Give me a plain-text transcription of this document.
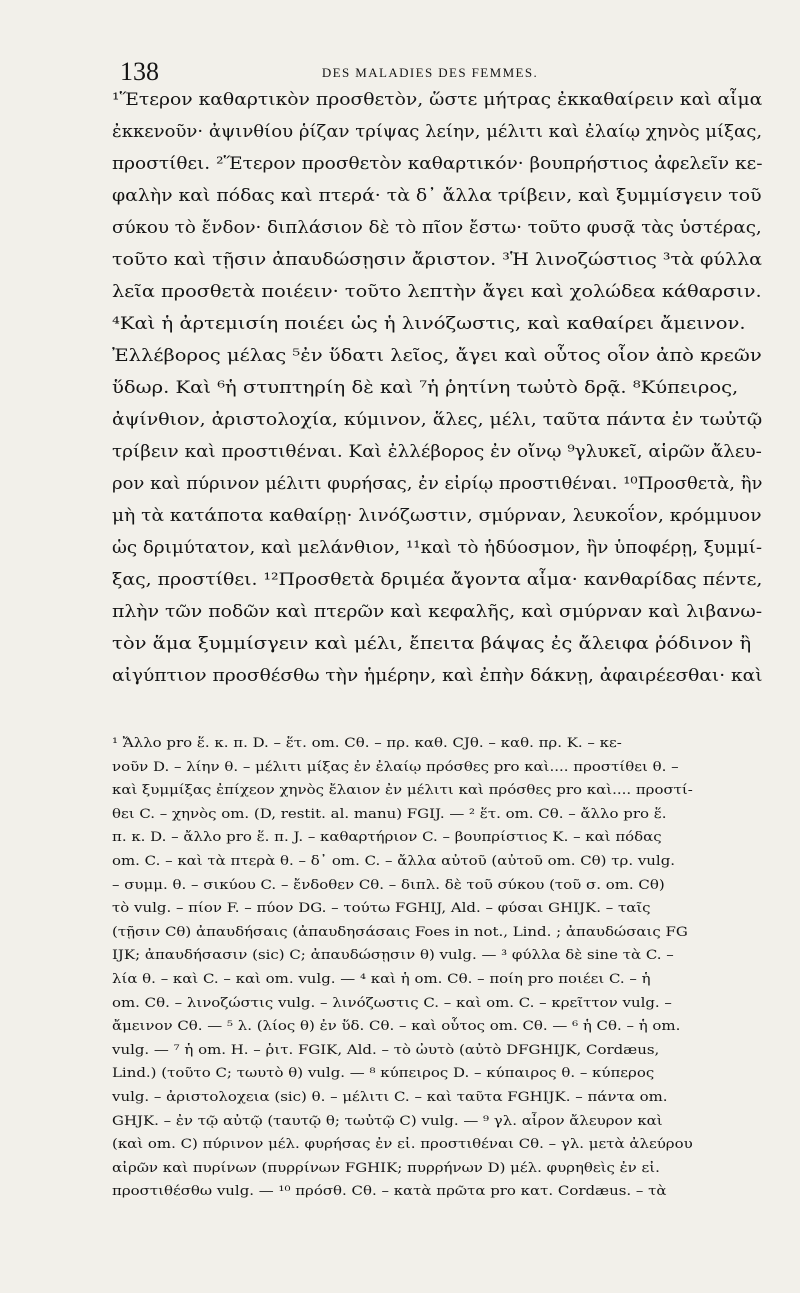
138	DES MALADIES DES FEMMES.
¹Ἕτερον καθαρτικὸν προσθετὸν, ὥστε μήτρας ἐκκαθαίρειν καὶ αἷμα
ἐκκενοῦν· ἀψινθίου ῥίζαν τρίψας λείην, μέλιτι καὶ ἐλαίῳ χηνὸς μίξας,
προστίθει. ²Ἕτερον προσθετὸν καθαρτικόν· βουπρήστιος ἀφελεῖν κε-
φαλὴν καὶ πόδας καὶ πτερά· τὰ δ᾽ ἄλλα τρίβειν, καὶ ξυμμίσγειν τοῦ
σύκου τὸ ἔνδον· διπλάσιον δὲ τὸ πῖον ἔστω· τοῦτο φυσᾷ τὰς ὑστέρας,
τοῦτο καὶ τῇσιν ἀπαυδώσῃσιν ἄριστον. ³Ἡ λινοζώστιος ³τὰ φύλλα
λεῖα προσθετὰ ποιέειν· τοῦτο λεπτὴν ἄγει καὶ χολώδεα κάθαρσιν.
⁴Καὶ ἡ ἀρτεμισίη ποιέει ὡς ἡ λινόζωστις, καὶ καθαίρει ἄμεινον.
Ἐλλέβορος μέλας ⁵ἐν ὕδατι λεῖος, ἄγει καὶ οὗτος οἷον ἀπὸ κρεῶν
ὕδωρ. Καὶ ⁶ἡ στυπτηρίη δὲ καὶ ⁷ἡ ῥητίνη τωὐτὸ δρᾷ. ⁸Κύπειρος,
ἀψίνθιον, ἀριστολοχία, κύμινον, ἅλες, μέλι, ταῦτα πάντα ἐν τωὐτῷ
τρίβειν καὶ προστιθέναι. Καὶ ἐλλέβορος ἐν οἴνῳ ⁹γλυκεῖ, αἱρῶν ἄλευ-
ρον καὶ πύρινον μέλιτι φυρήσας, ἐν εἰρίῳ προστιθέναι. ¹⁰Προσθετὰ, ἢν
μὴ τὰ κατάποτα καθαίρῃ· λινόζωστιν, σμύρναν, λευκοΐον, κρόμμυον
ὡς δριμύτατον, καὶ μελάνθιον, ¹¹καὶ τὸ ἡδύοσμον, ἢν ὑποφέρῃ, ξυμμί-
ξας, προστίθει. ¹²Προσθετὰ δριμέα ἄγοντα αἷμα· κανθαρίδας πέντε,
πλὴν τῶν ποδῶν καὶ πτερῶν καὶ κεφαλῆς, καὶ σμύρναν καὶ λιβανω-
τὸν ἅμα ξυμμίσγειν καὶ μέλι, ἔπειτα βάψας ἐς ἄλειφα ῥόδινον ἢ
αἰγύπτιον προσθέσθω τὴν ἡμέρην, καὶ ἐπὴν δάκνῃ, ἀφαιρέεσθαι· καὶ
¹ Ἄλλο pro ἕ. κ. π. D. – ἕτ. om. Cθ. – πρ. καθ. CJθ. – καθ. πρ. K. – κε-
νοῦν D. – λίην θ. – μέλιτι μίξας ἐν ἐλαίῳ πρόσθες pro καὶ.... προστίθει θ. –
καὶ ξυμμίξας ἐπίχεον χηνὸς ἔλαιον ἐν μέλιτι καὶ πρόσθες pro καὶ.... προστί-
θει C. – χηνὸς om. (D, restit. al. manu) FGIJ. — ² ἕτ. om. Cθ. – ἄλλο pro ἕ.
π. κ. D. – ἄλλο pro ἕ. π. J. – καθαρτήριον C. – βουπρίστιος K. – καὶ πόδας
om. C. – καὶ τὰ πτερὰ θ. – δ᾽ om. C. – ἄλλα αὐτοῦ (αὐτοῦ om. Cθ) τρ. vulg.
– συμμ. θ. – σικύου C. – ἔνδοθεν Cθ. – διπλ. δὲ τοῦ σύκου (τοῦ σ. om. Cθ)
τὸ vulg. – πίον F. – πύον DG. – τούτω FGHIJ, Ald. – φύσαι GHIJK. – ταῖς
(τῇσιν Cθ) ἀπαυδήσαις (ἀπαυδησάσαις Foes in not., Lind. ; ἀπαυδώσαις FG
IJK; ἀπαυδήσασιν (sic) C; ἀπαυδώσῃσιν θ) vulg. — ³ φύλλα δὲ sine τὰ C. –
λία θ. – καὶ C. – καὶ om. vulg. — ⁴ καὶ ἡ om. Cθ. – ποίη pro ποιέει C. – ἡ
om. Cθ. – λινοζώστις vulg. – λινόζωστις C. – καὶ om. C. – κρεῖττον vulg. –
ἄμεινον Cθ. — ⁵ λ. (λίος θ) ἐν ὕδ. Cθ. – καὶ οὗτος om. Cθ. — ⁶ ἡ Cθ. – ἡ om.
vulg. — ⁷ ἡ om. H. – ῥιτ. FGIK, Ald. – τὸ ὠυτὸ (αὐτὸ DFGHIJK, Cordæus,
Lind.) (τοῦτο C; τωυτὸ θ) vulg. — ⁸ κύπειρος D. – κύπαιρος θ. – κύπερος
vulg. – ἀριστολοχεια (sic) θ. – μέλιτι C. – καὶ ταῦτα FGHIJK. – πάντα om.
GHJK. – ἐν τῷ αὐτῷ (ταυτῷ θ; τωὐτῷ C) vulg. — ⁹ γλ. αἶρον ἄλευρον καὶ
(καὶ om. C) πύρινον μέλ. φυρήσας ἐν εἰ. προστιθέναι Cθ. – γλ. μετὰ ἀλεύρου
αἰρῶν καὶ πυρίνων (πυρρίνων FGHIK; πυρρήνων D) μέλ. φυρηθεὶς ἐν εἰ.
προστιθέσθω vulg. — ¹⁰ πρόσθ. Cθ. – κατὰ πρῶτα pro κατ. Cordæus. – τὰ
